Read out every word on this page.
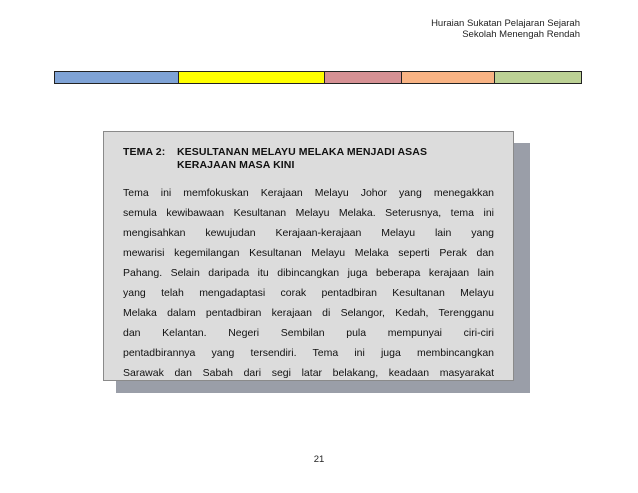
Huraian Sukatan Pelajaran Sejarah
Sekolah Menengah Rendah
TEMA 2:	KESULTANAN MELAYU MELAKA MENJADI ASAS
KERAJAAN MASA KINI
Tema ini memfokuskan Kerajaan Melayu Johor yang menegakkan
semula kewibawaan Kesultanan Melayu Melaka. Seterusnya, tema ini
mengisahkan kewujudan Kerajaan-kerajaan Melayu lain yang
mewarisi kegemilangan Kesultanan Melayu Melaka seperti Perak dan
Pahang. Selain daripada itu dibincangkan juga beberapa kerajaan lain
yang telah mengadaptasi corak pentadbiran Kesultanan Melayu
Melaka dalam pentadbiran kerajaan di Selangor, Kedah, Terengganu
dan Kelantan. Negeri Sembilan pula mempunyai ciri-ciri
pentadbirannya yang tersendiri. Tema ini juga membincangkan
Sarawak dan Sabah dari segi latar belakang, keadaan masyarakat
21
